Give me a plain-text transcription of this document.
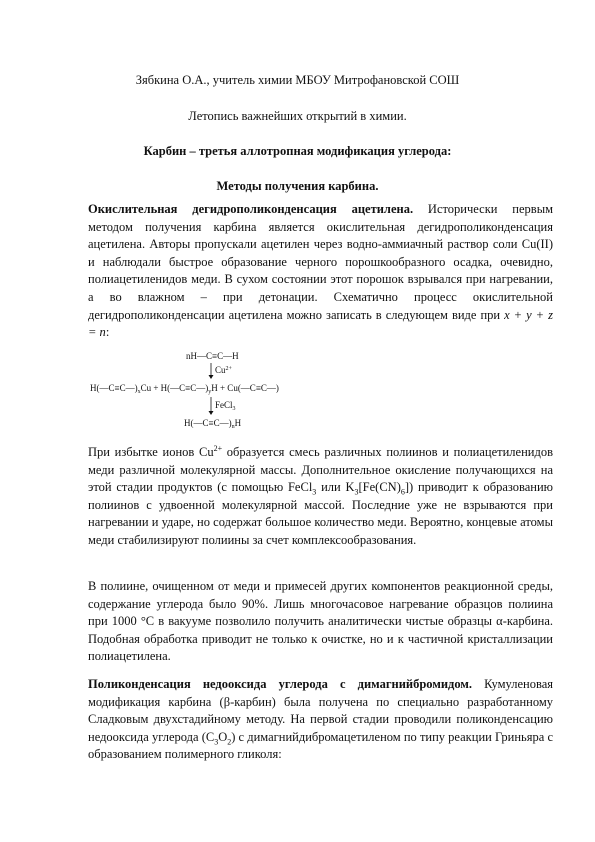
Зябкина О.А., учитель химии МБОУ Митрофановской СОШ
Летопись важнейших открытий в химии.
Карбин – третья аллотропная модификация углерода:
Методы получения карбина.
Окислительная дегидрополиконденсация ацетилена. Исторически первым методом получения карбина является окислительная дегидрополиконденсация ацетилена. Авторы пропускали ацетилен через водно-аммиачный раствор соли Cu(II) и наблюдали быстрое образование черного порошкообразного осадка, очевидно, полиацетиленидов меди. В сухом состоянии этот порошок взрывался при нагревании, а во влажном – при детонации. Схематично процесс окислительной дегидрополиконденсации ацетилена можно записать в следующем виде при x + y + z = n:
nH—C≡C—H
$Cu^{2+}$
$H(—C\equiv C—)_xCu$ + $H(—C\equiv C—)_yH$ + Cu(—C≡C—)
FeCl$_3$
$H(—C\equiv C—)_nH$
При избытке ионов $Cu^{2+}$ образуется смесь различных полиинов и полиацетиленидов меди различной молекулярной массы. Дополнительное окисление получающихся на этой стадии продуктов (с помощью FeCl$_3$ или $K_3[Fe(CN)_6]$) приводит к образованию полиинов с удвоенной молекулярной массой. Последние уже не взрываются при нагревании и ударе, но содержат большое количество меди. Вероятно, концевые атомы меди стабилизируют полиины за счет комплексообразования.
В полиине, очищенном от меди и примесей других компонентов реакционной среды, содержание углерода было 90%. Лишь многочасовое нагревание образцов полиина при 1000 °C в вакууме позволило получить аналитически чистые образцы α-карбина. Подобная обработка приводит не только к очистке, но и к частичной кристаллизации полиацетилена.
Поликонденсация недооксида углерода с димагнийбромидом. Кумуленовая модификация карбина (β-карбин) была получена по специально разработанному Сладковым двухстадийному методу. На первой стадии проводили поликонденсацию недооксида углерода $(C_3O_2)$ с димагнийдибромацетиленом по типу реакции Гриньяра с образованием полимерного гликоля:
